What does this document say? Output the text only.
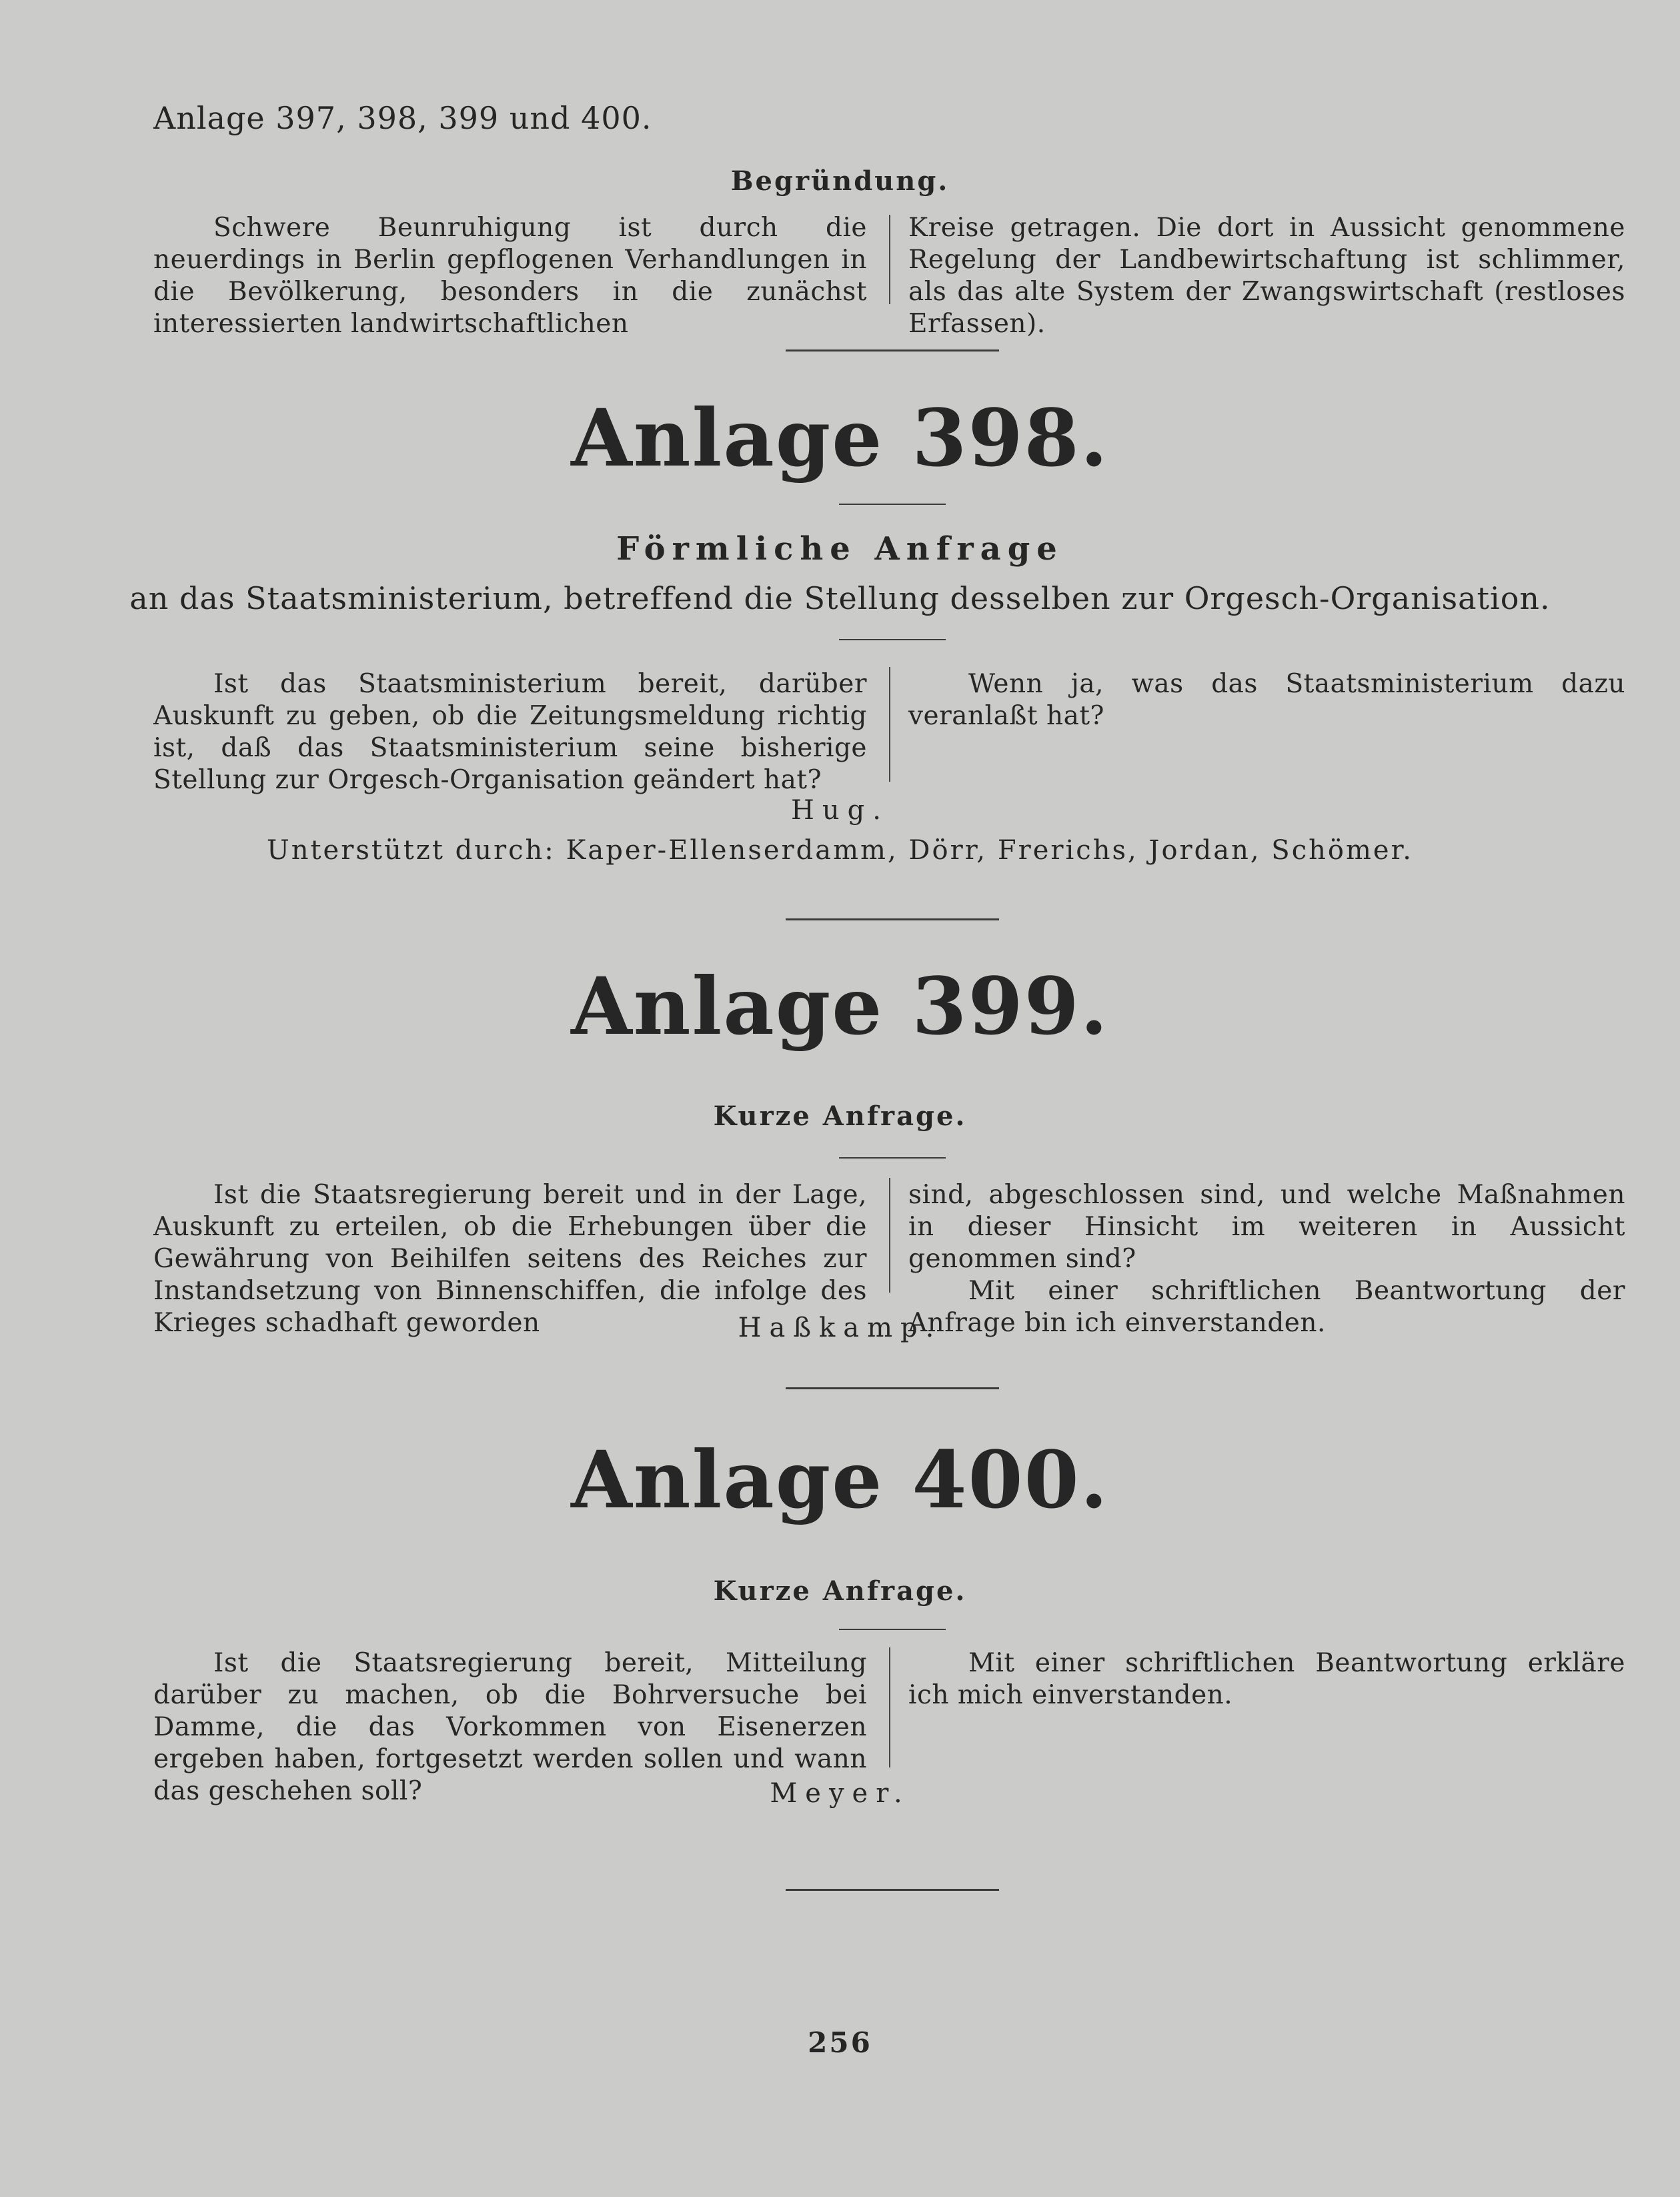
Anlage 397, 398, 399 und 400.
Begründung.

Schwere Beunruhigung ist durch die neuerdings in Berlin gepflogenen Verhandlungen in die Bevölkerung, besonders in die zunächst interessierten landwirtschaftlichen

Kreise getragen. Die dort in Aussicht genommene Regelung der Landbewirtschaftung ist schlimmer, als das alte System der Zwangswirtschaft (restloses Erfassen).

Anlage 398.
Förmliche Anfrage
an das Staatsministerium, betreffend die Stellung desselben zur Orgesch-Organisation.

Ist das Staatsministerium bereit, darüber Auskunft zu geben, ob die Zeitungsmeldung richtig ist, daß das Staatsministerium seine bisherige Stellung zur Orgesch-Organisation geändert hat?

Wenn ja, was das Staatsministerium dazu veranlaßt hat?

Hug.
Unterstützt durch: Kaper-Ellenserdamm, Dörr, Frerichs, Jordan, Schömer.
Anlage 399.
Kurze Anfrage.

Ist die Staatsregierung bereit und in der Lage, Auskunft zu erteilen, ob die Erhebungen über die Gewährung von Beihilfen seitens des Reiches zur Instandsetzung von Binnenschiffen, die infolge des Krieges schadhaft geworden

sind, abgeschlossen sind, und welche Maßnahmen in dieser Hinsicht im weiteren in Aussicht genommen sind?

Mit einer schriftlichen Beantwortung der Anfrage bin ich einverstanden.

Haßkamp.
Anlage 400.
Kurze Anfrage.

Ist die Staatsregierung bereit, Mitteilung darüber zu machen, ob die Bohrversuche bei Damme, die das Vorkommen von Eisenerzen ergeben haben, fortgesetzt werden sollen und wann das geschehen soll?

Mit einer schriftlichen Beantwortung erkläre ich mich einverstanden.

Meyer.
256
